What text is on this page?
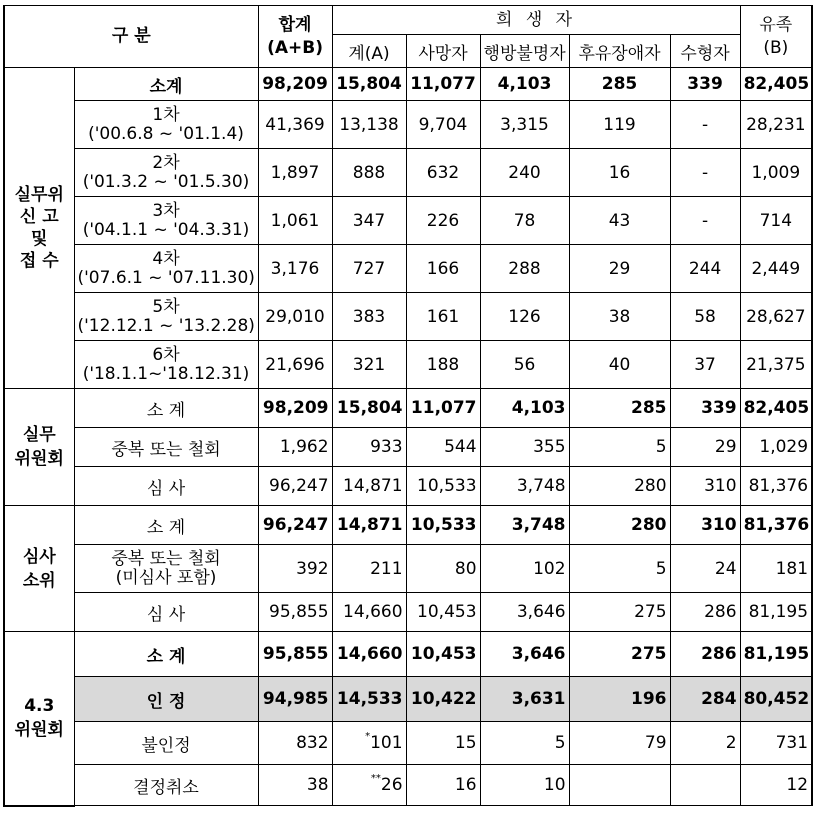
구 분		합계
(A+B)	희 생 자					유족
(B)

			계(A)	사망자	행방불명자	후유장애자	수형자	

실무위
신 고
및
접 수	소계	98,209	15,804	11,077	4,103	285	339	82,405

	1차
('00.6.8 ~ '01.1.4)	41,369	13,138	9,704	3,315	119	-	28,231

	2차
('01.3.2 ~ '01.5.30)	1,897	888	632	240	16	-	1,009

	3차
('04.1.1 ~ '04.3.31)	1,061	347	226	78	43	-	714

	4차
('07.6.1 ~ '07.11.30)	3,176	727	166	288	29	244	2,449

	5차
('12.12.1 ~ '13.2.28)	29,010	383	161	126	38	58	28,627

	6차
('18.1.1~'18.12.31)	21,696	321	188	56	40	37	21,375

실무
위원회	소 계	98,209	15,804	11,077	4,103	285	339	82,405
	중복 또는 철회	1,962	933	544	355	5	29	1,029
	심 사	96,247	14,871	10,533	3,748	280	310	81,376

심사
소위	소 계	96,247	14,871	10,533	3,748	280	310	81,376

	중복 또는 철회
(미심사 포함)	392	211	80	102	5	24	181
	심 사	95,855	14,660	10,453	3,646	275	286	81,195

4.3
위원회	소 계	95,855	14,660	10,453	3,646	275	286	81,195
	인 정	94,985	14,533	10,422	3,631	196	284	80,452
	불인정	832	*101	15	5	79	2	731
	결정취소	38	**26	16	10			12
